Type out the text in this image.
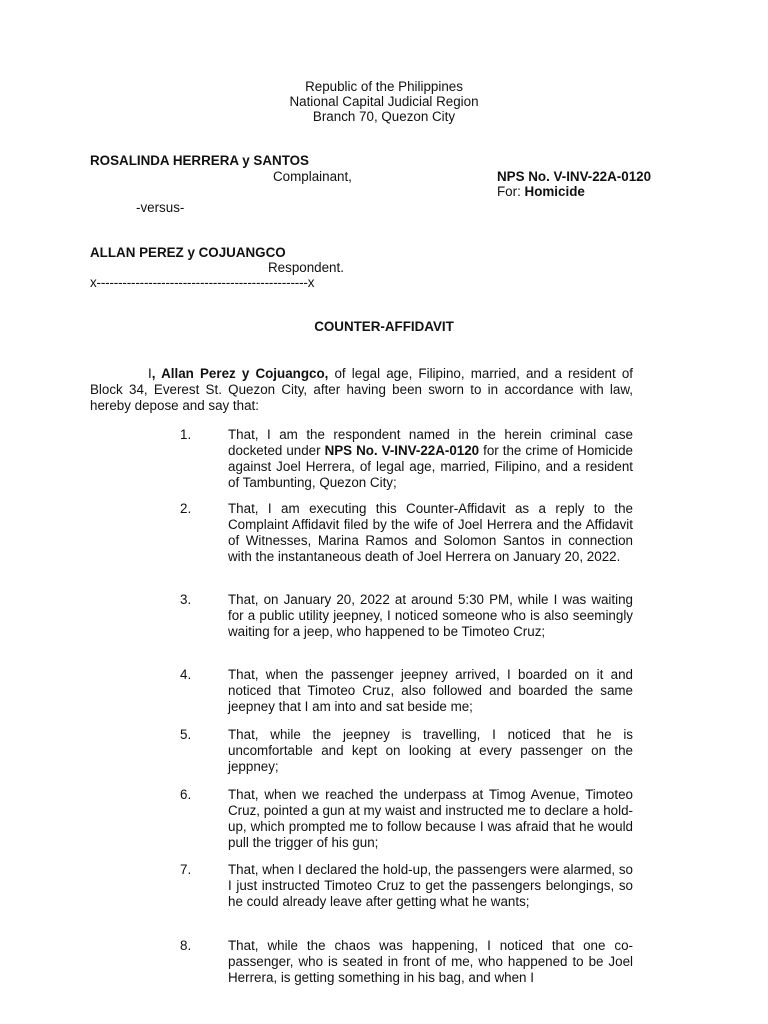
Republic of the Philippines

National Capital Judicial Region

Branch 70, Quezon City

ROSALINDA HERRERA y SANTOS

Complainant,	NPS No. V-INV-22A-0120

For: Homicide

-versus-

ALLAN PEREZ y COJUANGCO

Respondent.

x-------------------------------------------------x

COUNTER-AFFIDAVIT

I, Allan Perez y Cojuangco, of legal age, Filipino, married, and a resident of Block 34, Everest St. Quezon City, after having been sworn to in accordance with law, hereby depose and say that:

1.	That, I am the respondent named in the herein criminal case docketed under NPS No. V-INV-22A-0120 for the crime of Homicide against Joel Herrera, of legal age, married, Filipino, and a resident of Tambunting, Quezon City;

2.	That, I am executing this Counter-Affidavit as a reply to the Complaint Affidavit filed by the wife of Joel Herrera and the Affidavit of Witnesses, Marina Ramos and Solomon Santos in connection with the instantaneous death of Joel Herrera on January 20, 2022.

3.	That, on January 20, 2022 at around 5:30 PM, while I was waiting for a public utility jeepney, I noticed someone who is also seemingly waiting for a jeep, who happened to be Timoteo Cruz;

4.	That, when the passenger jeepney arrived, I boarded on it and noticed that Timoteo Cruz, also followed and boarded the same jeepney that I am into and sat beside me;

5.	That, while the jeepney is travelling, I noticed that he is uncomfortable and kept on looking at every passenger on the jeppney;

6.	That, when we reached the underpass at Timog Avenue, Timoteo Cruz, pointed a gun at my waist and instructed me to declare a hold-up, which prompted me to follow because I was afraid that he would pull the trigger of his gun;

7.	That, when I declared the hold-up, the passengers were alarmed, so I just instructed Timoteo Cruz to get the passengers belongings, so he could already leave after getting what he wants;

8.	That, while the chaos was happening, I noticed that one co-passenger, who is seated in front of me, who happened to be Joel Herrera, is getting something in his bag, and when I
